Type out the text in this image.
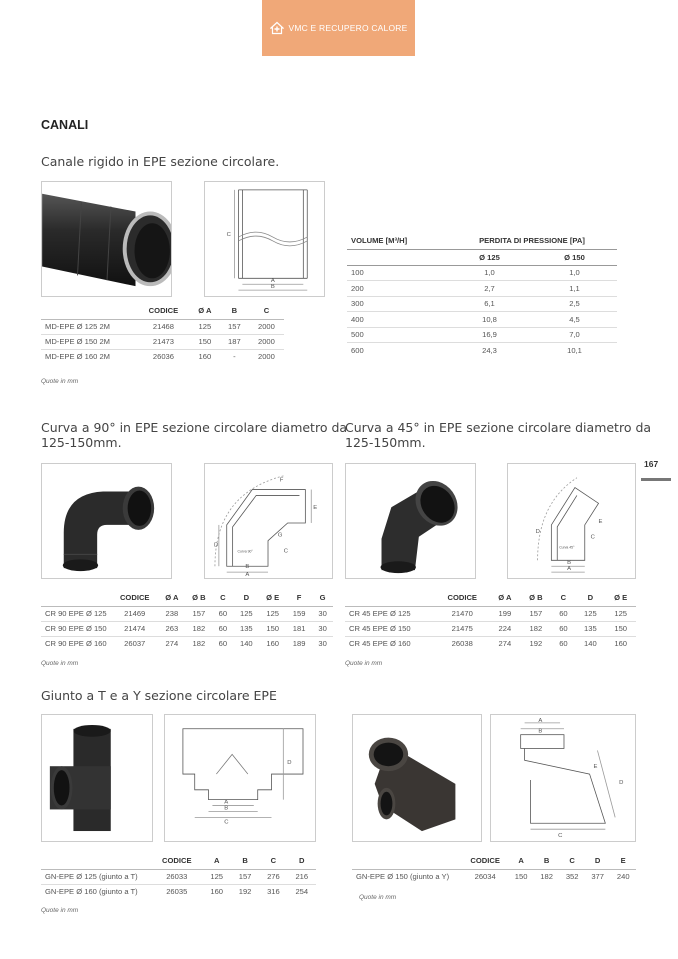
VMC E RECUPERO CALORE
CANALI
Canale rigido in EPE sezione circolare.
C
A
B
	CODICE	Ø A	B	C
MD-EPE Ø 125 2M	21468	125	157	2000
MD-EPE Ø 150 2M	21473	150	187	2000
MD-EPE Ø 160 2M	26036	160	-	2000
Quote in mm
VOLUME [M³/H]	PERDITA DI PRESSIONE [PA]	
	Ø 125	Ø 150
100	1,0	1,0
200	2,7	1,1
300	6,1	2,5
400	10,8	4,5
500	16,9	7,0
600	24,3	10,1
Curva a 90° in EPE sezione circolare diametro da
125-150mm.
D
E
F
G
C
A
B
Curva 90°
	CODICE	Ø A	Ø B	C	D	Ø E	F	G
CR 90 EPE Ø 125	21469	238	157	60	125	125	159	30
CR 90 EPE Ø 150	21474	263	182	60	135	150	181	30
CR 90 EPE Ø 160	26037	274	182	60	140	160	189	30
Quote in mm
Curva a 45° in EPE sezione circolare diametro da
125-150mm.
D
E
C
A
B
Curva 45°
	CODICE	Ø A	Ø B	C	D	Ø E
CR 45 EPE Ø 125	21470	199	157	60	125	125
CR 45 EPE Ø 150	21475	224	182	60	135	150
CR 45 EPE Ø 160	26038	274	192	60	140	160
Quote in mm
167
Giunto a T e a Y sezione circolare EPE
A
B
C
D
A
B
C
D
E
	CODICE	A	B	C	D
GN-EPE Ø 125 (giunto a T)	26033	125	157	276	216
GN-EPE Ø 160 (giunto a T)	26035	160	192	316	254
Quote in mm
	CODICE	A	B	C	D	E
GN-EPE Ø 150 (giunto a Y)	26034	150	182	352	377	240
Quote in mm
